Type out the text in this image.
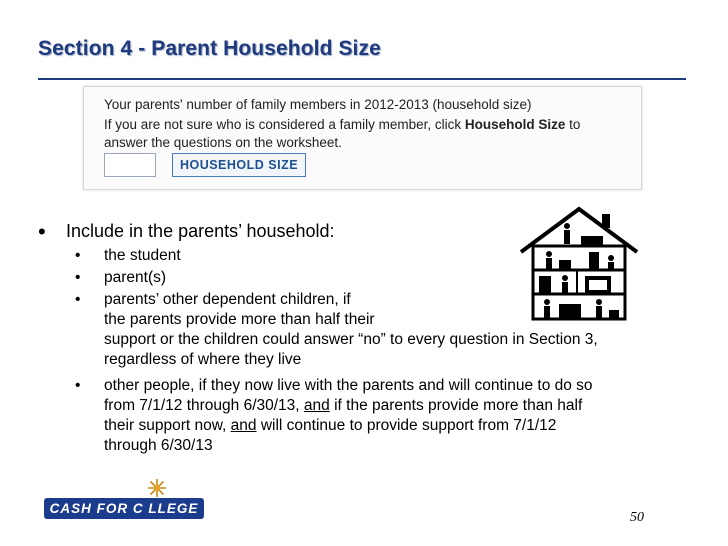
Section 4 - Parent Household Size
Your parents' number of family members in 2012-2013 (household size)
If you are not sure who is considered a family member, click Household Size to
answer the questions on the worksheet.
HOUSEHOLD SIZE
• Include in the parents’ household:
• the student
• parent(s)
• parents’ other dependent children, if
the parents provide more than half their
support or the children could answer “no” to every question in Section 3,
regardless of where they live
• other people, if they now live with the parents and will continue to do so
from 7/1/12 through 6/30/13, and if the parents provide more than half
their support now, and will continue to provide support from 7/1/12
through 6/30/13
CASH FOR C LLEGE
50
